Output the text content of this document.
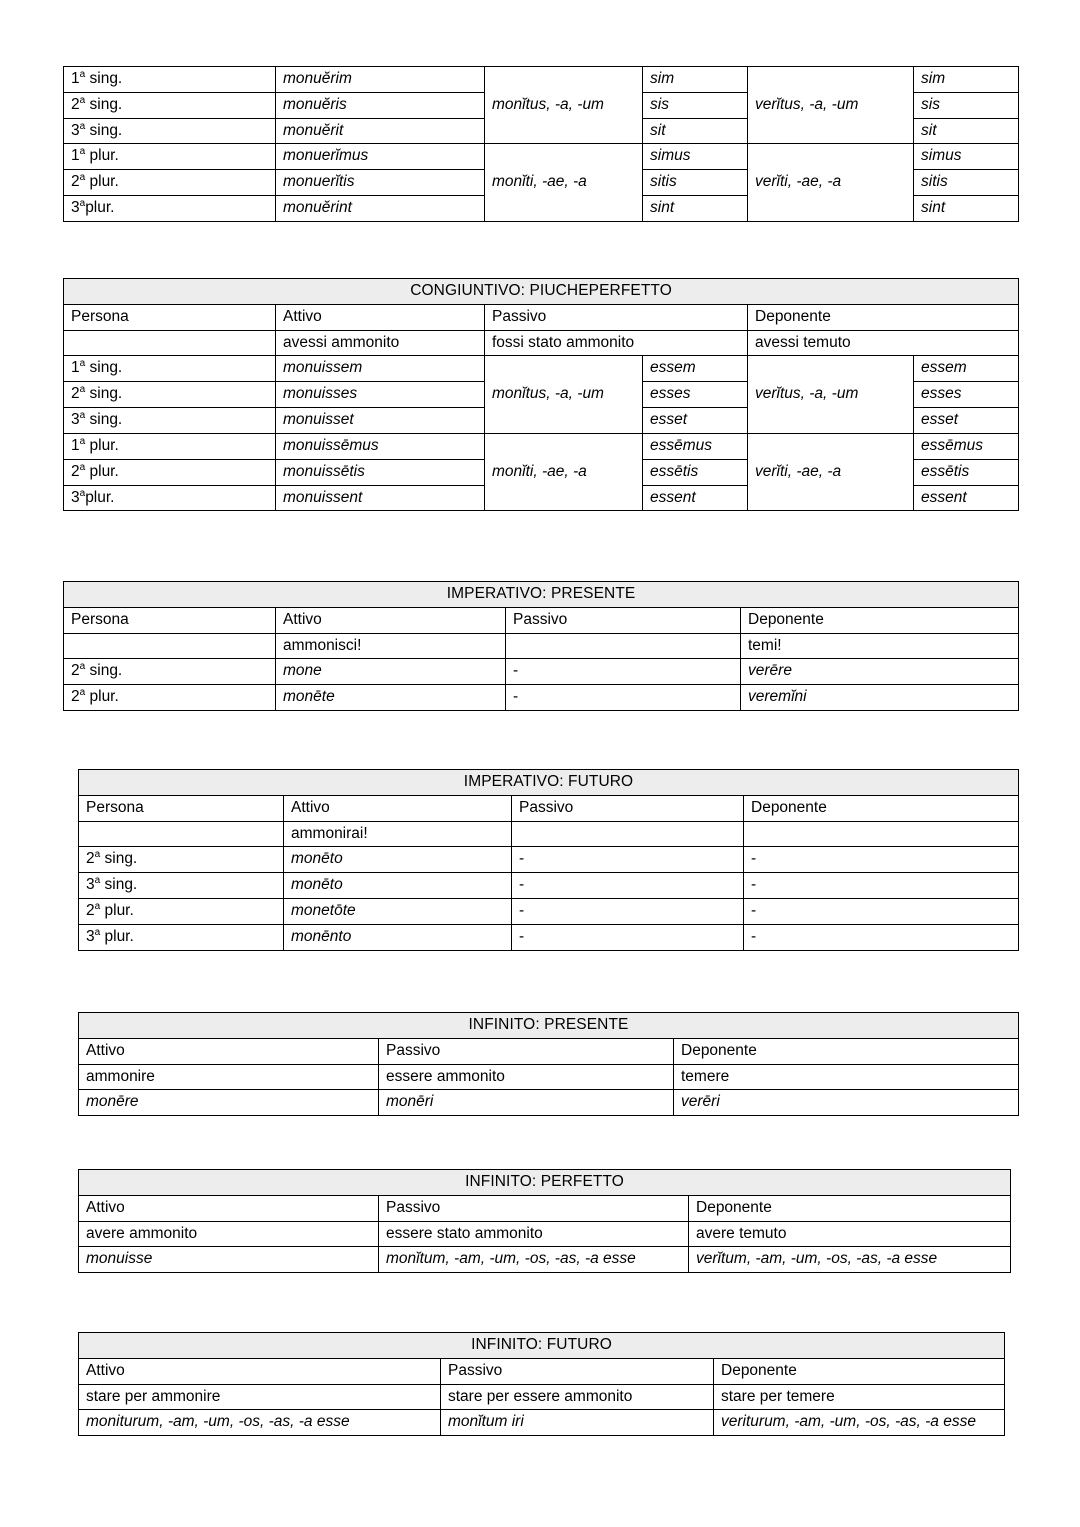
1$^a$ sing.	monuĕrim	monĭtus, -a, -um	sim	verĭtus, -a, -um	sim
2$^a$ sing.	monuĕris		sis		sis
3$^a$ sing.	monuĕrit		sit		sit
1$^a$ plur.	monuerĭmus	monĭti, -ae, -a	simus	verĭti, -ae, -a	simus
2$^a$ plur.	monuerĭtis		sitis		sitis
3$^a$plur.	monuĕrint		sint		sint
CONGIUNTIVO: PIUCHEPERFETTO					
Persona	Attivo	Passivo		Deponente	
	avessi ammonito	fossi stato ammonito		avessi temuto	
1$^a$ sing.	monuissem	monĭtus, -a, -um	essem	verĭtus, -a, -um	essem
2$^a$ sing.	monuisses		esses		esses
3$^a$ sing.	monuisset		esset		esset
1$^a$ plur.	monuissēmus	monĭti, -ae, -a	essēmus	verĭti, -ae, -a	essēmus
2$^a$ plur.	monuissētis		essētis		essētis
3$^a$plur.	monuissent		essent		essent
IMPERATIVO: PRESENTE			
Persona	Attivo	Passivo	Deponente
	ammonisci!		temi!
2$^a$ sing.	mone	-	verēre
2$^a$ plur.	monēte	-	veremĭni
IMPERATIVO: FUTURO			
Persona	Attivo	Passivo	Deponente
	ammonirai!		
2$^a$ sing.	monēto	-	-
3$^a$ sing.	monēto	-	-
2$^a$ plur.	monetōte	-	-
3$^a$ plur.	monēnto	-	-
INFINITO: PRESENTE		
Attivo	Passivo	Deponente
ammonire	essere ammonito	temere
monēre	monēri	verēri
INFINITO: PERFETTO		
Attivo	Passivo	Deponente
avere ammonito	essere stato ammonito	avere temuto
monuisse	monĭtum, -am, -um, -os, -as, -a esse	verĭtum, -am, -um, -os, -as, -a esse
INFINITO: FUTURO		
Attivo	Passivo	Deponente
stare per ammonire	stare per essere ammonito	stare per temere
moniturum, -am, -um, -os, -as, -a esse	monĭtum iri	veriturum, -am, -um, -os, -as, -a esse
